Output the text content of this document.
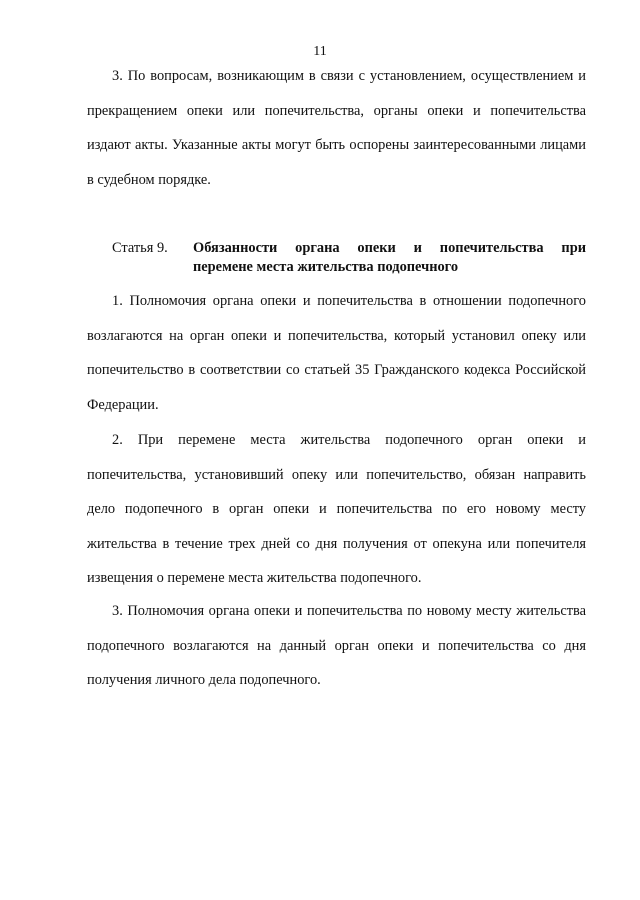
11

3. По вопросам, возникающим в связи с установлением, осуществлением и прекращением опеки или попечительства, органы опеки и попечительства издают акты. Указанные акты могут быть оспорены заинтересованными лицами в судебном порядке.

Статья 9. Обязанности органа опеки и попечительства при
перемене места жительства подопечного

1. Полномочия органа опеки и попечительства в отношении подопечного возлагаются на орган опеки и попечительства, который установил опеку или попечительство в соответствии со статьей 35 Гражданского кодекса Российской Федерации.

2. При перемене места жительства подопечного орган опеки и попечительства, установивший опеку или попечительство, обязан направить дело подопечного в орган опеки и попечительства по его новому месту жительства в течение трех дней со дня получения от опекуна или попечителя извещения о перемене места жительства подопечного.

3. Полномочия органа опеки и попечительства по новому месту жительства подопечного возлагаются на данный орган опеки и попечительства со дня получения личного дела подопечного.
